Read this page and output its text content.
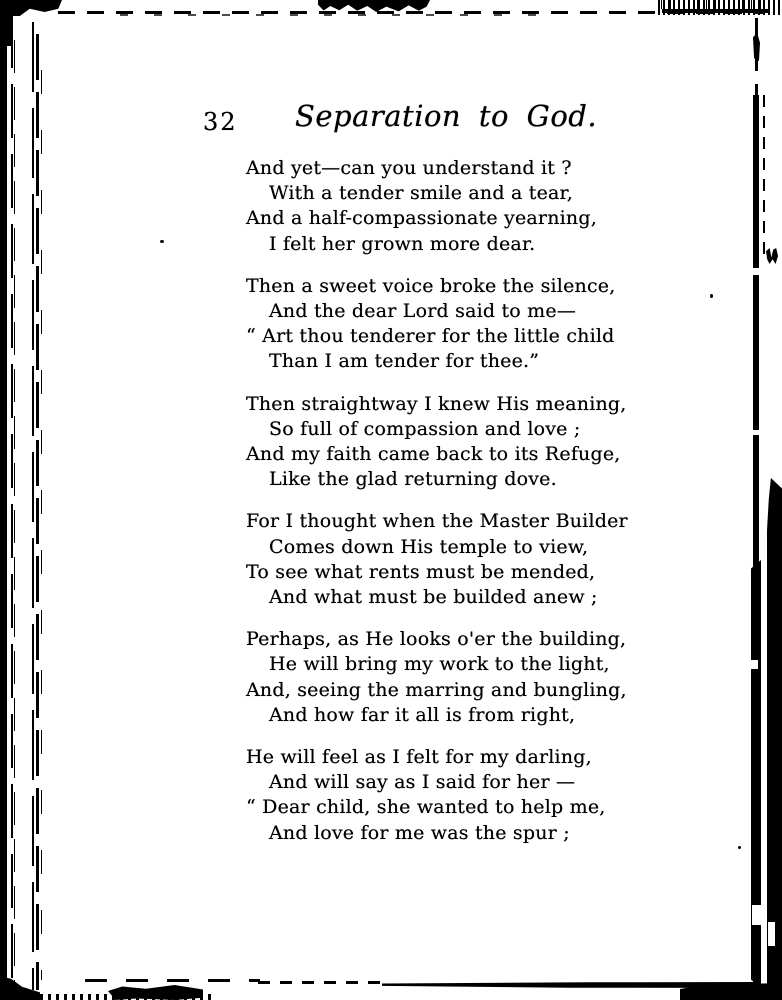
32 Separation to God.
And yet—can you understand it ?
With a tender smile and a tear,
And a half-compassionate yearning,
I felt her grown more dear.
Then a sweet voice broke the silence,
And the dear Lord said to me—
“ Art thou tenderer for the little child
Than I am tender for thee.”
Then straightway I knew His meaning,
So full of compassion and love ;
And my faith came back to its Refuge,
Like the glad returning dove.
For I thought when the Master Builder
Comes down His temple to view,
To see what rents must be mended,
And what must be builded anew ;
Perhaps, as He looks o'er the building,
He will bring my work to the light,
And, seeing the marring and bungling,
And how far it all is from right,
He will feel as I felt for my darling,
And will say as I said for her —
“ Dear child, she wanted to help me,
And love for me was the spur ;
